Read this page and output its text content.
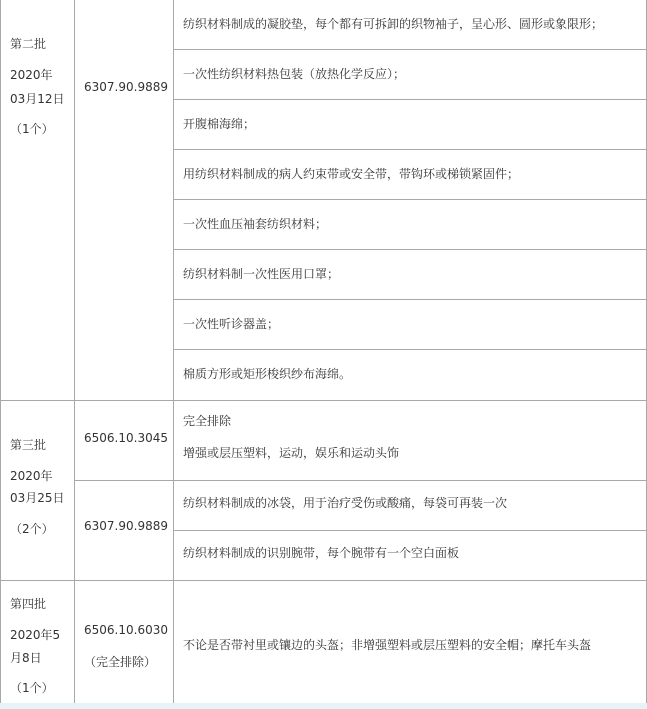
第二批
2020年
03月12日
（1个）
6307.90.9889
纺织材料制成的凝胶垫，每个都有可拆卸的织物袖子，呈心形、圆形或象限形；
一次性纺织材料热包装（放热化学反应）；
开腹棉海绵；
用纺织材料制成的病人约束带或安全带，带钩环或梯锁紧固件；
一次性血压袖套纺织材料；
纺织材料制一次性医用口罩；
一次性听诊器盖；
棉质方形或矩形梭织纱布海绵。
第三批
2020年
03月25日
（2个）
6506.10.3045
完全排除
增强或层压塑料，运动，娱乐和运动头饰
6307.90.9889
纺织材料制成的冰袋，用于治疗受伤或酸痛，每袋可再装一次
纺织材料制成的识别腕带，每个腕带有一个空白面板
第四批
2020年5
月8日
（1个）
6506.10.6030
（完全排除）
不论是否带衬里或镶边的头盔；非增强塑料或层压塑料的安全帽；摩托车头盔
